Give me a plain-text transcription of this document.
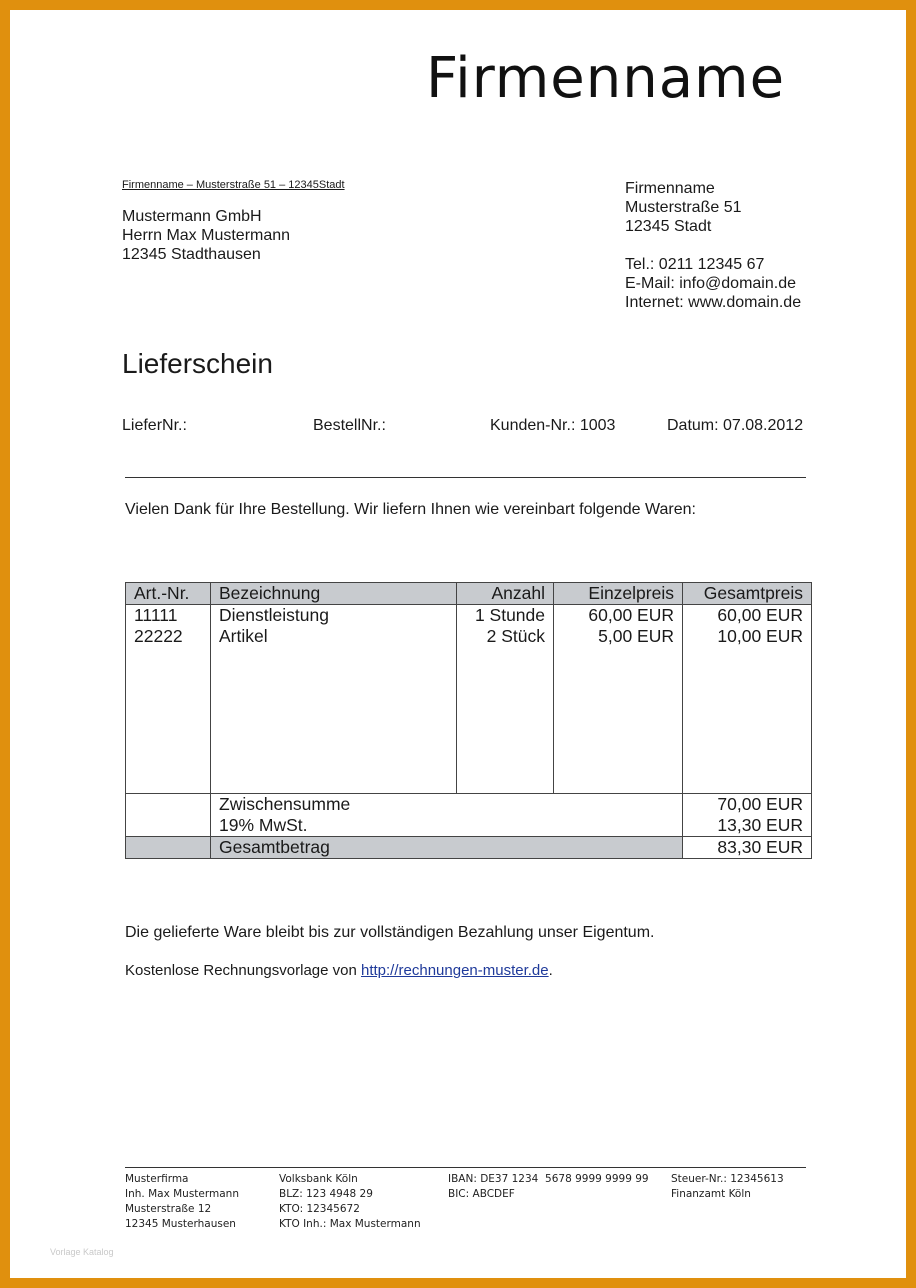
Firmenname
Firmenname – Musterstraße 51 – 12345Stadt
Mustermann GmbH
Herrn Max Mustermann
12345 Stadthausen
Firmenname
Musterstraße 51
12345 Stadt
Tel.: 0211 12345 67
E-Mail: info@domain.de
Internet: www.domain.de
Lieferschein
LieferNr.:	BestellNr.:	Kunden-Nr.: 1003	Datum: 07.08.2012
Vielen Dank für Ihre Bestellung. Wir liefern Ihnen wie vereinbart folgende Waren:
Art.-Nr.	Bezeichnung	Anzahl	Einzelpreis	Gesamtpreis
11111	Dienstleistung	1 Stunde	60,00 EUR	60,00 EUR
22222	Artikel	2 Stück	5,00 EUR	10,00 EUR

	Zwischensumme			70,00 EUR
	19% MwSt.			13,30 EUR
	Gesamtbetrag			83,30 EUR
Die gelieferte Ware bleibt bis zur vollständigen Bezahlung unser Eigentum.
Kostenlose Rechnungsvorlage von http://rechnungen-muster.de.
Musterfirma
Inh. Max Mustermann
Musterstraße 12
12345 Musterhausen
Volksbank Köln
BLZ: 123 4948 29
KTO: 12345672
KTO Inh.: Max Mustermann
IBAN: DE37 1234  5678 9999 9999 99
BIC: ABCDEF
Steuer-Nr.: 12345613
Finanzamt Köln
Vorlage Katalog
